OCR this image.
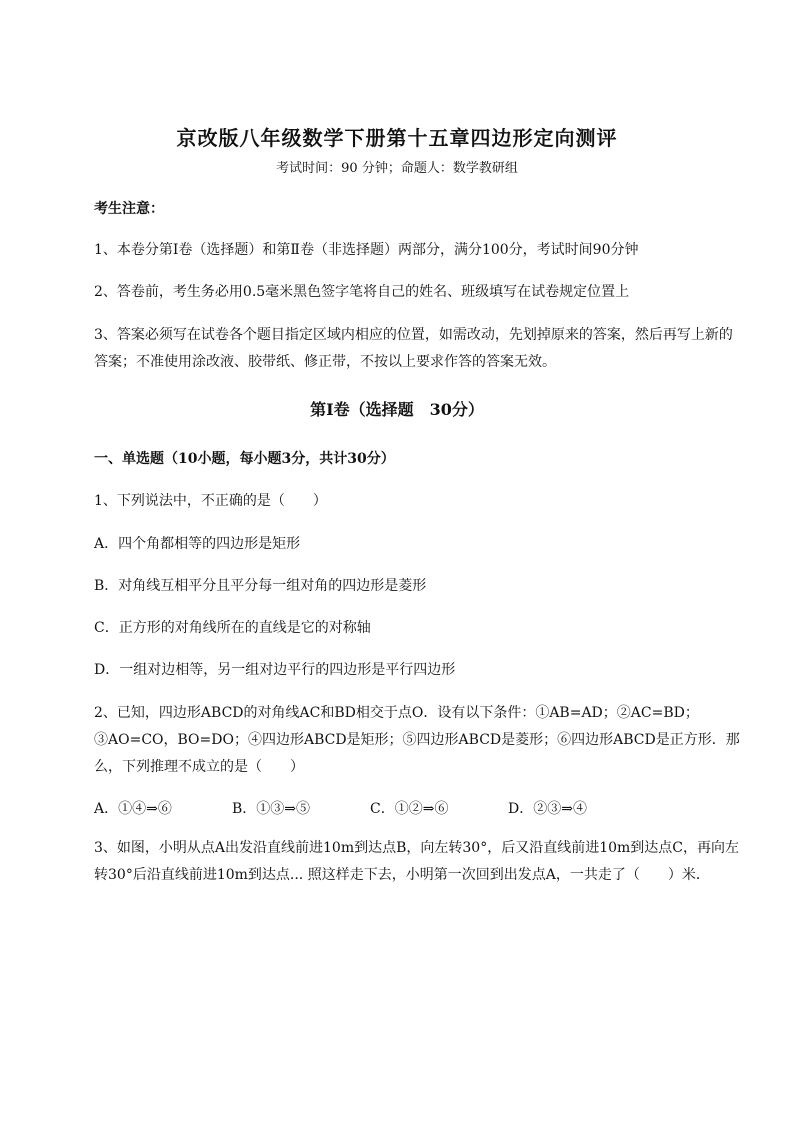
京改版八年级数学下册第十五章四边形定向测评
考试时间：90 分钟；命题人：数学教研组

考生注意：

1、本卷分第Ⅰ卷（选择题）和第Ⅱ卷（非选择题）两部分，满分100分，考试时间90分钟

2、答卷前，考生务必用0.5毫米黑色签字笔将自己的姓名、班级填写在试卷规定位置上

3、答案必须写在试卷各个题目指定区域内相应的位置，如需改动，先划掉原来的答案，然后再写上新的答案；不准使用涂改液、胶带纸、修正带，不按以上要求作答的答案无效。

第Ⅰ卷（选择题　30分）

一、单选题（10小题，每小题3分，共计30分）

1、下列说法中，不正确的是（　　）

A．四个角都相等的四边形是矩形

B．对角线互相平分且平分每一组对角的四边形是菱形

C．正方形的对角线所在的直线是它的对称轴

D．一组对边相等，另一组对边平行的四边形是平行四边形

2、已知，四边形ABCD的对角线AC和BD相交于点O．设有以下条件：①AB=AD；②AC=BD；③AO=CO，BO=DO；④四边形ABCD是矩形；⑤四边形ABCD是菱形；⑥四边形ABCD是正方形．那么，下列推理不成立的是（　　）

A．①④⇒⑥	B．①③⇒⑤	C．①②⇒⑥	D．②③⇒④

3、如图，小明从点A出发沿直线前进10m到达点B，向左转30°，后又沿直线前进10m到达点C，再向左转30°后沿直线前进10m到达点... 照这样走下去，小明第一次回到出发点A，一共走了（　　）米．
